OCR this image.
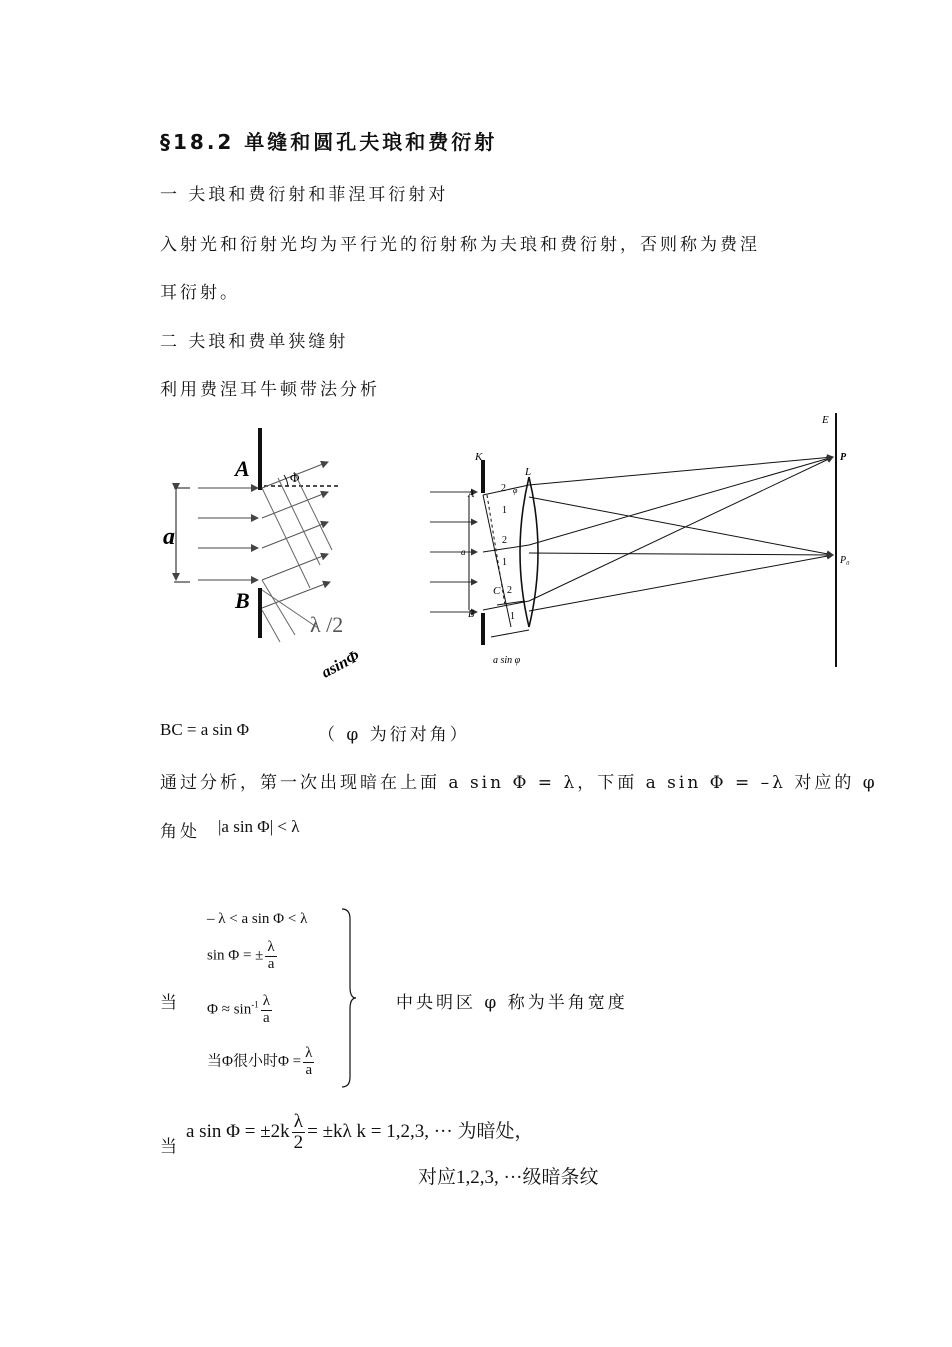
§18.2 单缝和圆孔夫琅和费衍射
一 夫琅和费衍射和菲涅耳衍射对
入射光和衍射光均为平行光的衍射称为夫琅和费衍射，否则称为费涅
耳衍射。
二 夫琅和费单狭缝射
利用费涅耳牛顿带法分析
A	Φ
a
B
λ /2
asinΦ
K
L
E
P
P₀
A
B
a
C
2
1
2
1
2
1
φ
a sin φ
BC = a sin Φ	（ φ 为衍对角）
通过分析，第一次出现暗在上面 a sin Φ = λ，下面 a sin Φ = –λ 对应的 φ
角处 |a sin Φ| < λ
当
– λ < a sin Φ < λ
sin Φ = ± $\frac{\lambda}{a}$
$\Phi \approx \sin^{-1} \frac{\lambda}{a}$
当Φ很小时$\Phi = \frac{\lambda}{a}$
中央明区 φ 称为半角宽度
当
a $\sin \Phi = \pm 2k \frac{\lambda}{2} = \pm k\lambda$ k = 1,2,3, ··· 为暗处，
对应1,2,3, ···级暗条纹
